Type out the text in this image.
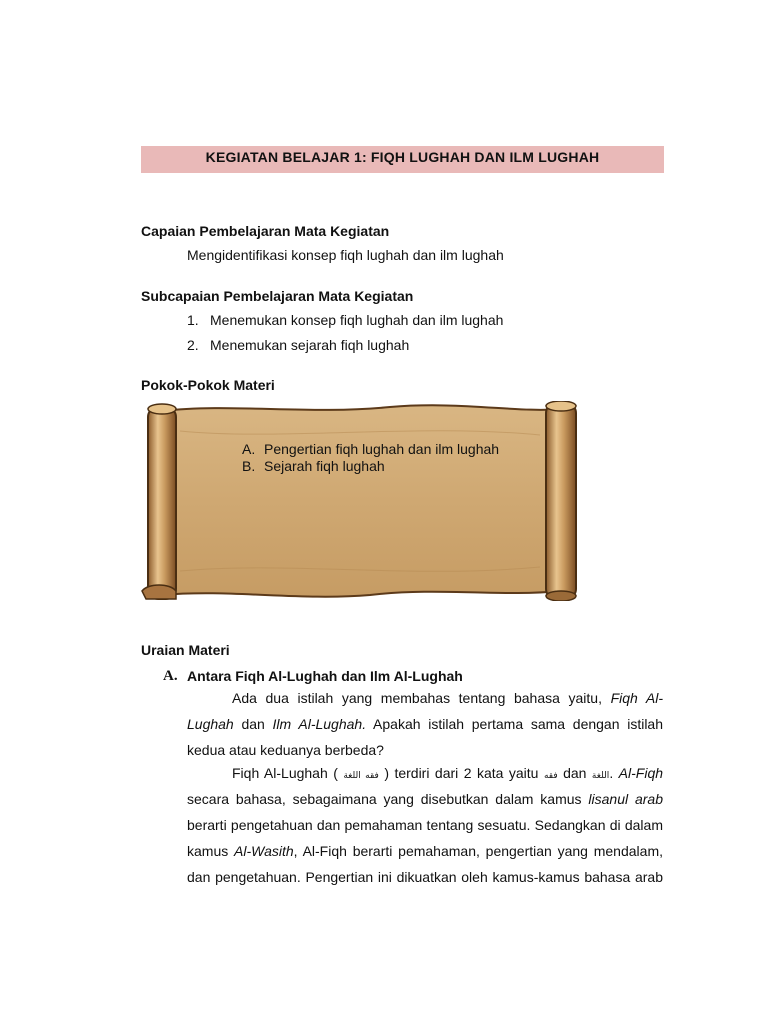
KEGIATAN BELAJAR 1: FIQH LUGHAH DAN ILM LUGHAH
Capaian Pembelajaran Mata Kegiatan
Mengidentifikasi konsep fiqh lughah dan ilm lughah
Subcapaian Pembelajaran Mata Kegiatan
1. Menemukan konsep fiqh lughah dan ilm lughah
2. Menemukan sejarah fiqh lughah
Pokok-Pokok Materi
A. Pengertian fiqh lughah dan ilm lughah
B. Sejarah fiqh lughah
Uraian Materi
A. Antara Fiqh Al-Lughah dan Ilm Al-Lughah
Ada dua istilah yang membahas tentang bahasa yaitu, Fiqh Al-
Lughah dan Ilm Al-Lughah. Apakah istilah pertama sama dengan istilah
kedua atau keduanya berbeda?
Fiqh Al-Lughah ( فقه اللغة ) terdiri dari 2 kata yaitu فقه dan اللغة. Al-Fiqh
secara bahasa, sebagaimana yang disebutkan dalam kamus lisanul arab
berarti pengetahuan dan pemahaman tentang sesuatu. Sedangkan di dalam
kamus Al-Wasith, Al-Fiqh berarti pemahaman, pengertian yang mendalam,
dan pengetahuan. Pengertian ini dikuatkan oleh kamus-kamus bahasa arab
